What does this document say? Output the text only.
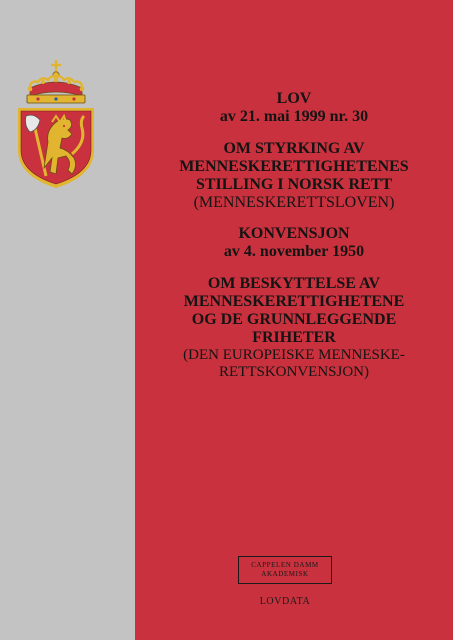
LOV
av 21. mai 1999 nr. 30
OM STYRKING AV
MENNESKERETTIGHETENES
STILLING I NORSK RETT
(MENNESKERETTSLOVEN)
KONVENSJON
av 4. november 1950
OM BESKYTTELSE AV
MENNESKERETTIGHETENE
OG DE GRUNNLEGGENDE
FRIHETER
(DEN EUROPEISKE MENNESKE-
RETTSKONVENSJON)
CAPPELEN DAMM
AKADEMISK
LOVDATA
